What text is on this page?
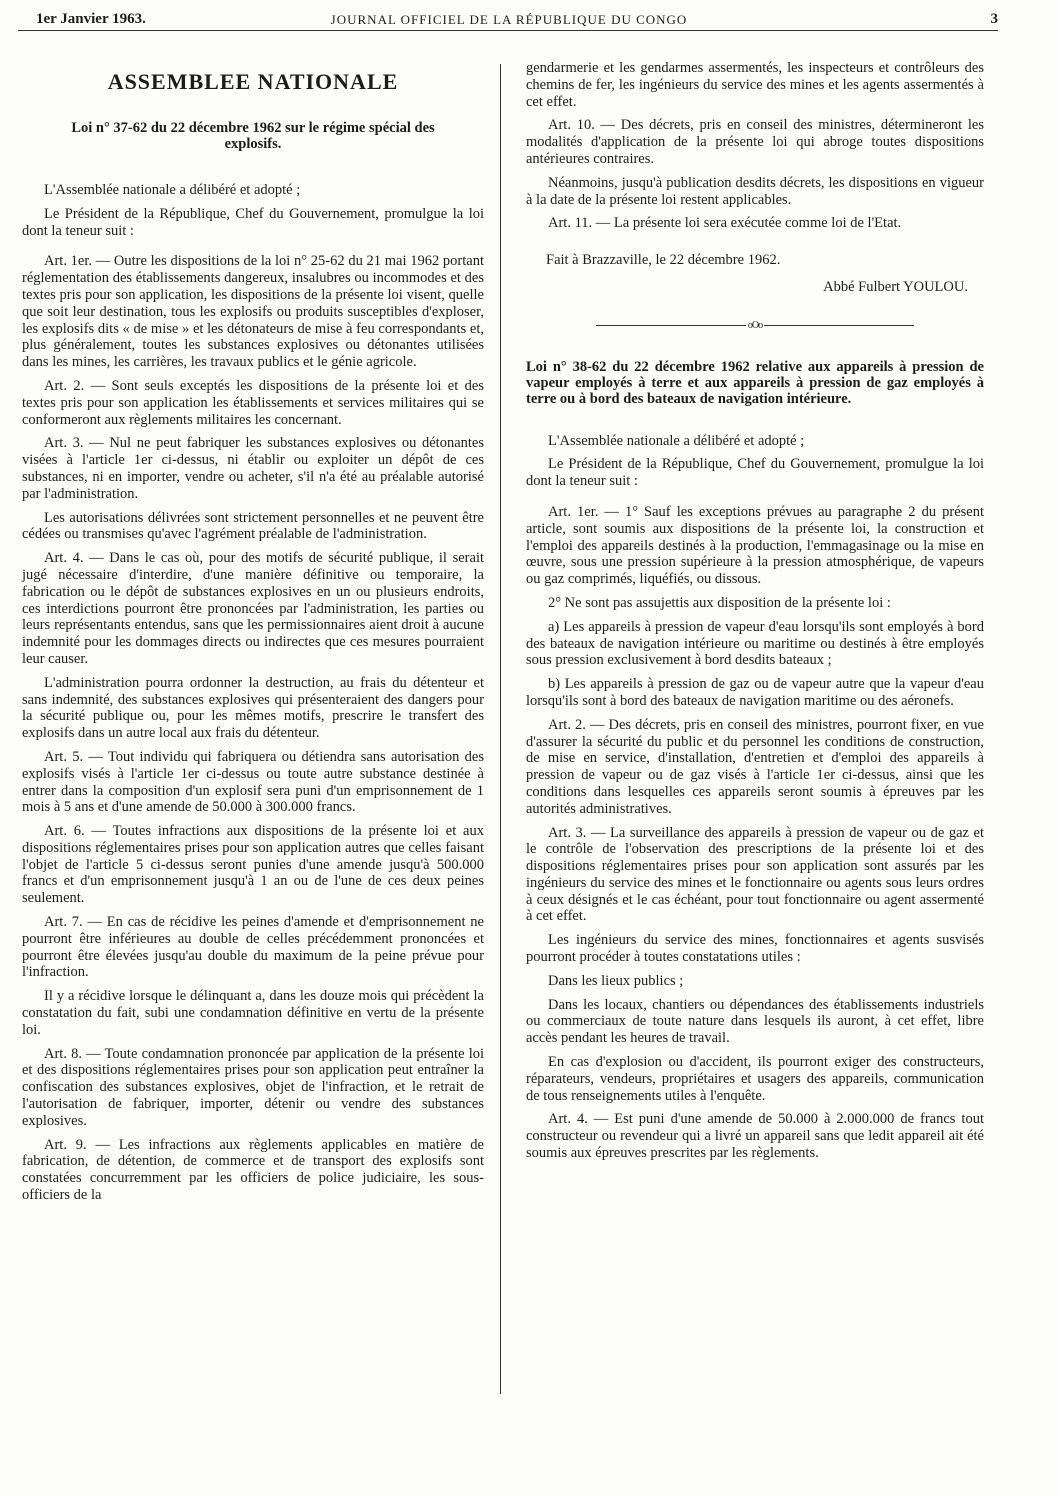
1er Janvier 1963.	JOURNAL OFFICIEL DE LA RÉPUBLIQUE DU CONGO	3
ASSEMBLEE NATIONALE
Loi n° 37-62 du 22 décembre 1962 sur le régime spécial des explosifs.

L'Assemblée nationale a délibéré et adopté ;

Le Président de la République, Chef du Gouvernement, promulgue la loi dont la teneur suit :

Art. 1er. — Outre les dispositions de la loi n° 25-62 du 21 mai 1962 portant réglementation des établissements dangereux, insalubres ou incommodes et des textes pris pour son application, les dispositions de la présente loi visent, quelle que soit leur destination, tous les explosifs ou produits susceptibles d'exploser, les explosifs dits « de mise » et les détonateurs de mise à feu correspondants et, plus généralement, toutes les substances explosives ou détonantes utilisées dans les mines, les carrières, les travaux publics et le génie agricole.

Art. 2. — Sont seuls exceptés les dispositions de la présente loi et des textes pris pour son application les établissements et services militaires qui se conformeront aux règlements militaires les concernant.

Art. 3. — Nul ne peut fabriquer les substances explosives ou détonantes visées à l'article 1er ci-dessus, ni établir ou exploiter un dépôt de ces substances, ni en importer, vendre ou acheter, s'il n'a été au préalable autorisé par l'administration.

Les autorisations délivrées sont strictement personnelles et ne peuvent être cédées ou transmises qu'avec l'agrément préalable de l'administration.

Art. 4. — Dans le cas où, pour des motifs de sécurité publique, il serait jugé nécessaire d'interdire, d'une manière définitive ou temporaire, la fabrication ou le dépôt de substances explosives en un ou plusieurs endroits, ces interdictions pourront être prononcées par l'administration, les parties ou leurs représentants entendus, sans que les permissionnaires aient droit à aucune indemnité pour les dommages directs ou indirectes que ces mesures pourraient leur causer.

L'administration pourra ordonner la destruction, au frais du détenteur et sans indemnité, des substances explosives qui présenteraient des dangers pour la sécurité publique ou, pour les mêmes motifs, prescrire le transfert des explosifs dans un autre local aux frais du détenteur.

Art. 5. — Tout individu qui fabriquera ou détiendra sans autorisation des explosifs visés à l'article 1er ci-dessus ou toute autre substance destinée à entrer dans la composition d'un explosif sera puni d'un emprisonnement de 1 mois à 5 ans et d'une amende de 50.000 à 300.000 francs.

Art. 6. — Toutes infractions aux dispositions de la présente loi et aux dispositions réglementaires prises pour son application autres que celles faisant l'objet de l'article 5 ci-dessus seront punies d'une amende jusqu'à 500.000 francs et d'un emprisonnement jusqu'à 1 an ou de l'une de ces deux peines seulement.

Art. 7. — En cas de récidive les peines d'amende et d'emprisonnement ne pourront être inférieures au double de celles précédemment prononcées et pourront être élevées jusqu'au double du maximum de la peine prévue pour l'infraction.

Il y a récidive lorsque le délinquant a, dans les douze mois qui précèdent la constatation du fait, subi une condamnation définitive en vertu de la présente loi.

Art. 8. — Toute condamnation prononcée par application de la présente loi et des dispositions réglementaires prises pour son application peut entraîner la confiscation des substances explosives, objet de l'infraction, et le retrait de l'autorisation de fabriquer, importer, détenir ou vendre des substances explosives.

Art. 9. — Les infractions aux règlements applicables en matière de fabrication, de détention, de commerce et de transport des explosifs sont constatées concurremment par les officiers de police judiciaire, les sous-officiers de la

gendarmerie et les gendarmes assermentés, les inspecteurs et contrôleurs des chemins de fer, les ingénieurs du service des mines et les agents assermentés à cet effet.

Art. 10. — Des décrets, pris en conseil des ministres, détermineront les modalités d'application de la présente loi qui abroge toutes dispositions antérieures contraires.

Néanmoins, jusqu'à publication desdits décrets, les dispositions en vigueur à la date de la présente loi restent applicables.

Art. 11. — La présente loi sera exécutée comme loi de l'Etat.

Fait à Brazzaville, le 22 décembre 1962.
Abbé Fulbert YOULOU.
oOo
Loi n° 38-62 du 22 décembre 1962 relative aux appareils à pression de vapeur employés à terre et aux appareils à pression de gaz employés à terre ou à bord des bateaux de navigation intérieure.

L'Assemblée nationale a délibéré et adopté ;

Le Président de la République, Chef du Gouvernement, promulgue la loi dont la teneur suit :

Art. 1er. — 1° Sauf les exceptions prévues au paragraphe 2 du présent article, sont soumis aux dispositions de la présente loi, la construction et l'emploi des appareils destinés à la production, l'emmagasinage ou la mise en œuvre, sous une pression supérieure à la pression atmosphérique, de vapeurs ou gaz comprimés, liquéfiés, ou dissous.

2° Ne sont pas assujettis aux disposition de la présente loi :

a) Les appareils à pression de vapeur d'eau lorsqu'ils sont employés à bord des bateaux de navigation intérieure ou maritime ou destinés à être employés sous pression exclusivement à bord desdits bateaux ;

b) Les appareils à pression de gaz ou de vapeur autre que la vapeur d'eau lorsqu'ils sont à bord des bateaux de navigation maritime ou des aéronefs.

Art. 2. — Des décrets, pris en conseil des ministres, pourront fixer, en vue d'assurer la sécurité du public et du personnel les conditions de construction, de mise en service, d'installation, d'entretien et d'emploi des appareils à pression de vapeur ou de gaz visés à l'article 1er ci-dessus, ainsi que les conditions dans lesquelles ces appareils seront soumis à épreuves par les autorités administratives.

Art. 3. — La surveillance des appareils à pression de vapeur ou de gaz et le contrôle de l'observation des prescriptions de la présente loi et des dispositions réglementaires prises pour son application sont assurés par les ingénieurs du service des mines et le fonctionnaire ou agents sous leurs ordres à ceux désignés et le cas échéant, pour tout fonctionnaire ou agent assermenté à cet effet.

Les ingénieurs du service des mines, fonctionnaires et agents susvisés pourront procéder à toutes constatations utiles :

Dans les lieux publics ;

Dans les locaux, chantiers ou dépendances des établissements industriels ou commerciaux de toute nature dans lesquels ils auront, à cet effet, libre accès pendant les heures de travail.

En cas d'explosion ou d'accident, ils pourront exiger des constructeurs, réparateurs, vendeurs, propriétaires et usagers des appareils, communication de tous renseignements utiles à l'enquête.

Art. 4. — Est puni d'une amende de 50.000 à 2.000.000 de francs tout constructeur ou revendeur qui a livré un appareil sans que ledit appareil ait été soumis aux épreuves prescrites par les règlements.
